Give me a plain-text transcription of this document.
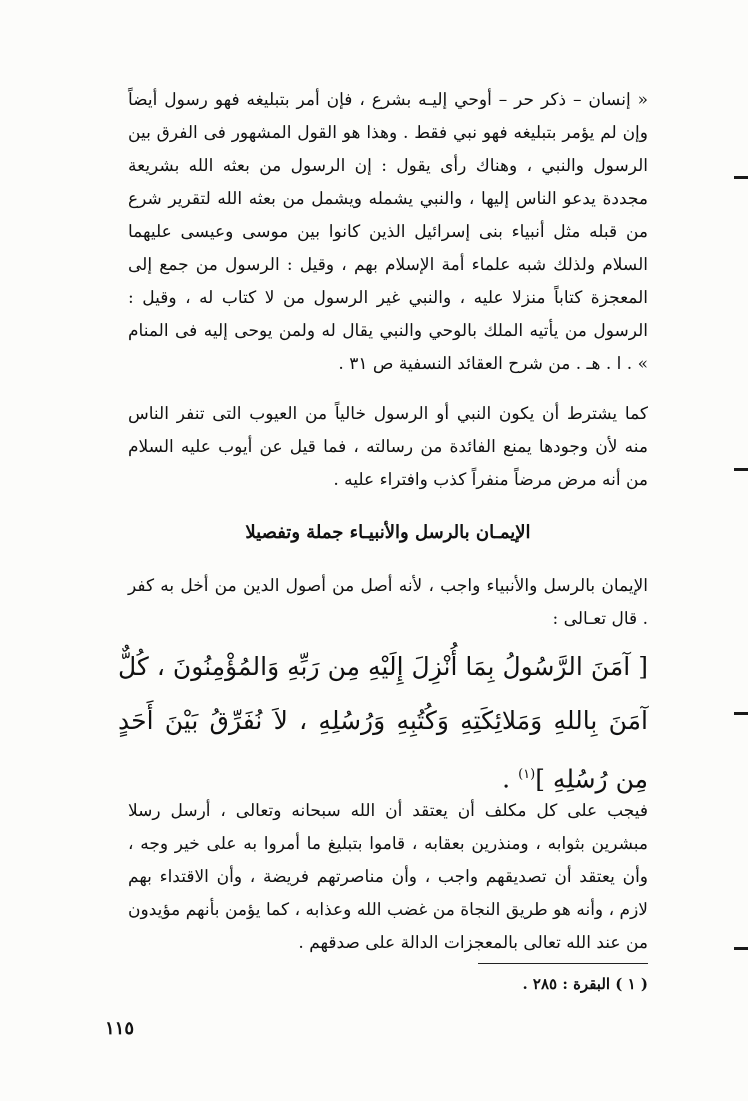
« إنسان – ذكر حر – أوحي إليـه بشرع ، فإن أمر بتبليغه فهو رسول أيضاً وإن لم يؤمر بتبليغه فهو نبي فقط . وهذا هو القول المشهور فى الفرق بين الرسول والنبي ، وهناك رأى يقول : إن الرسول من بعثه الله بشريعة مجددة يدعو الناس إليها ، والنبي يشمله ويشمل من بعثه الله لتقرير شرع من قبله مثل أنبياء بنى إسرائيل الذين كانوا بين موسى وعيسى عليهما السلام ولذلك شبه علماء أمة الإسلام بهم ، وقيل : الرسول من جمع إلى المعجزة كتاباً منزلا عليه ، والنبي غير الرسول من لا كتاب له ، وقيل : الرسول من يأتيه الملك بالوحي والنبي يقال له ولمن يوحى إليه فى المنام » . ا . هـ . من شرح العقائد النسفية ص ٣١ .
كما يشترط أن يكون النبي أو الرسول خالياً من العيوب التى تنفر الناس منه لأن وجودها يمنع الفائدة من رسالته ، فما قيل عن أيوب عليه السلام من أنه مرض مرضاً منفراً كذب وافتراء عليه .
الإيمـان بالرسل والأنبيـاء جملة وتفصيلا
الإيمان بالرسل والأنبياء واجب ، لأنه أصل من أصول الدين من أخل به كفر . قال تعـالى :
[ آمَنَ الرَّسُولُ بِمَا أُنْزِلَ إِلَيْهِ مِن رَبِّهِ وَالمُؤْمِنُونَ ، كُلٌّ آمَنَ بِاللهِ وَمَلائِكَتِهِ وَكُتُبِهِ وَرُسُلِهِ ، لاَ نُفَرِّقُ بَيْنَ أَحَدٍ مِن رُسُلِهِ ]$^{(١)}$ .
فيجب على كل مكلف أن يعتقد أن الله سبحانه وتعالى ، أرسل رسلا مبشرين بثوابه ، ومنذرين بعقابه ، قاموا بتبليغ ما أمروا به على خير وجه ، وأن يعتقد أن تصديقهم واجب ، وأن مناصرتهم فريضة ، وأن الاقتداء بهم لازم ، وأنه هو طريق النجاة من غضب الله وعذابه ، كما يؤمن بأنهم مؤيدون من عند الله تعالى بالمعجزات الدالة على صدقهم .
( ١ ) البقرة : ٢٨٥ .
١١٥
